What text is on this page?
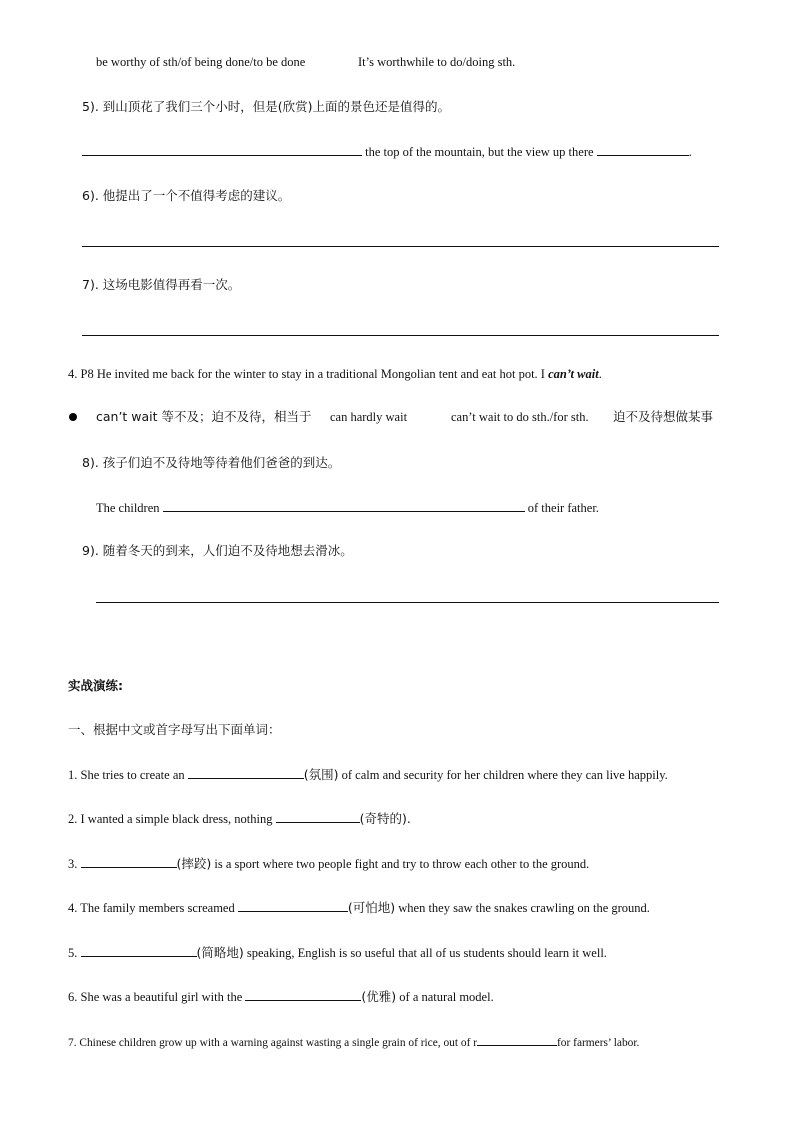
be worthy of sth/of being done/to be done	It’s worthwhile to do/doing sth.
5). 到山顶花了我们三个小时，但是(欣赏)上面的景色还是值得的。
the top of the mountain, but the view up there	.
6). 他提出了一个不值得考虑的建议。
7). 这场电影值得再看一次。
4. P8 He invited me back for the winter to stay in a traditional Mongolian tent and eat hot pot. I can’t wait.
can’t wait 等不及；迫不及待，相当于 can hardly wait	can’t wait to do sth./for sth. 迫不及待想做某事
8). 孩子们迫不及待地等待着他们爸爸的到达。
The children	of their father.
9). 随着冬天的到来，人们迫不及待地想去滑冰。
实战演练:
一、根据中文或首字母写出下面单词：
1. She tries to create an	(氛围) of calm and security for her children where they can live happily.
2. I wanted a simple black dress, nothing	(奇特的).
3.	(摔跤) is a sport where two people fight and try to throw each other to the ground.
4. The family members screamed	(可怕地) when they saw the snakes crawling on the ground.
5.	(简略地) speaking, English is so useful that all of us students should learn it well.
6. She was a beautiful girl with the	(优雅) of a natural model.
7. Chinese children grow up with a warning against wasting a single grain of rice, out of r	for farmers’ labor.
